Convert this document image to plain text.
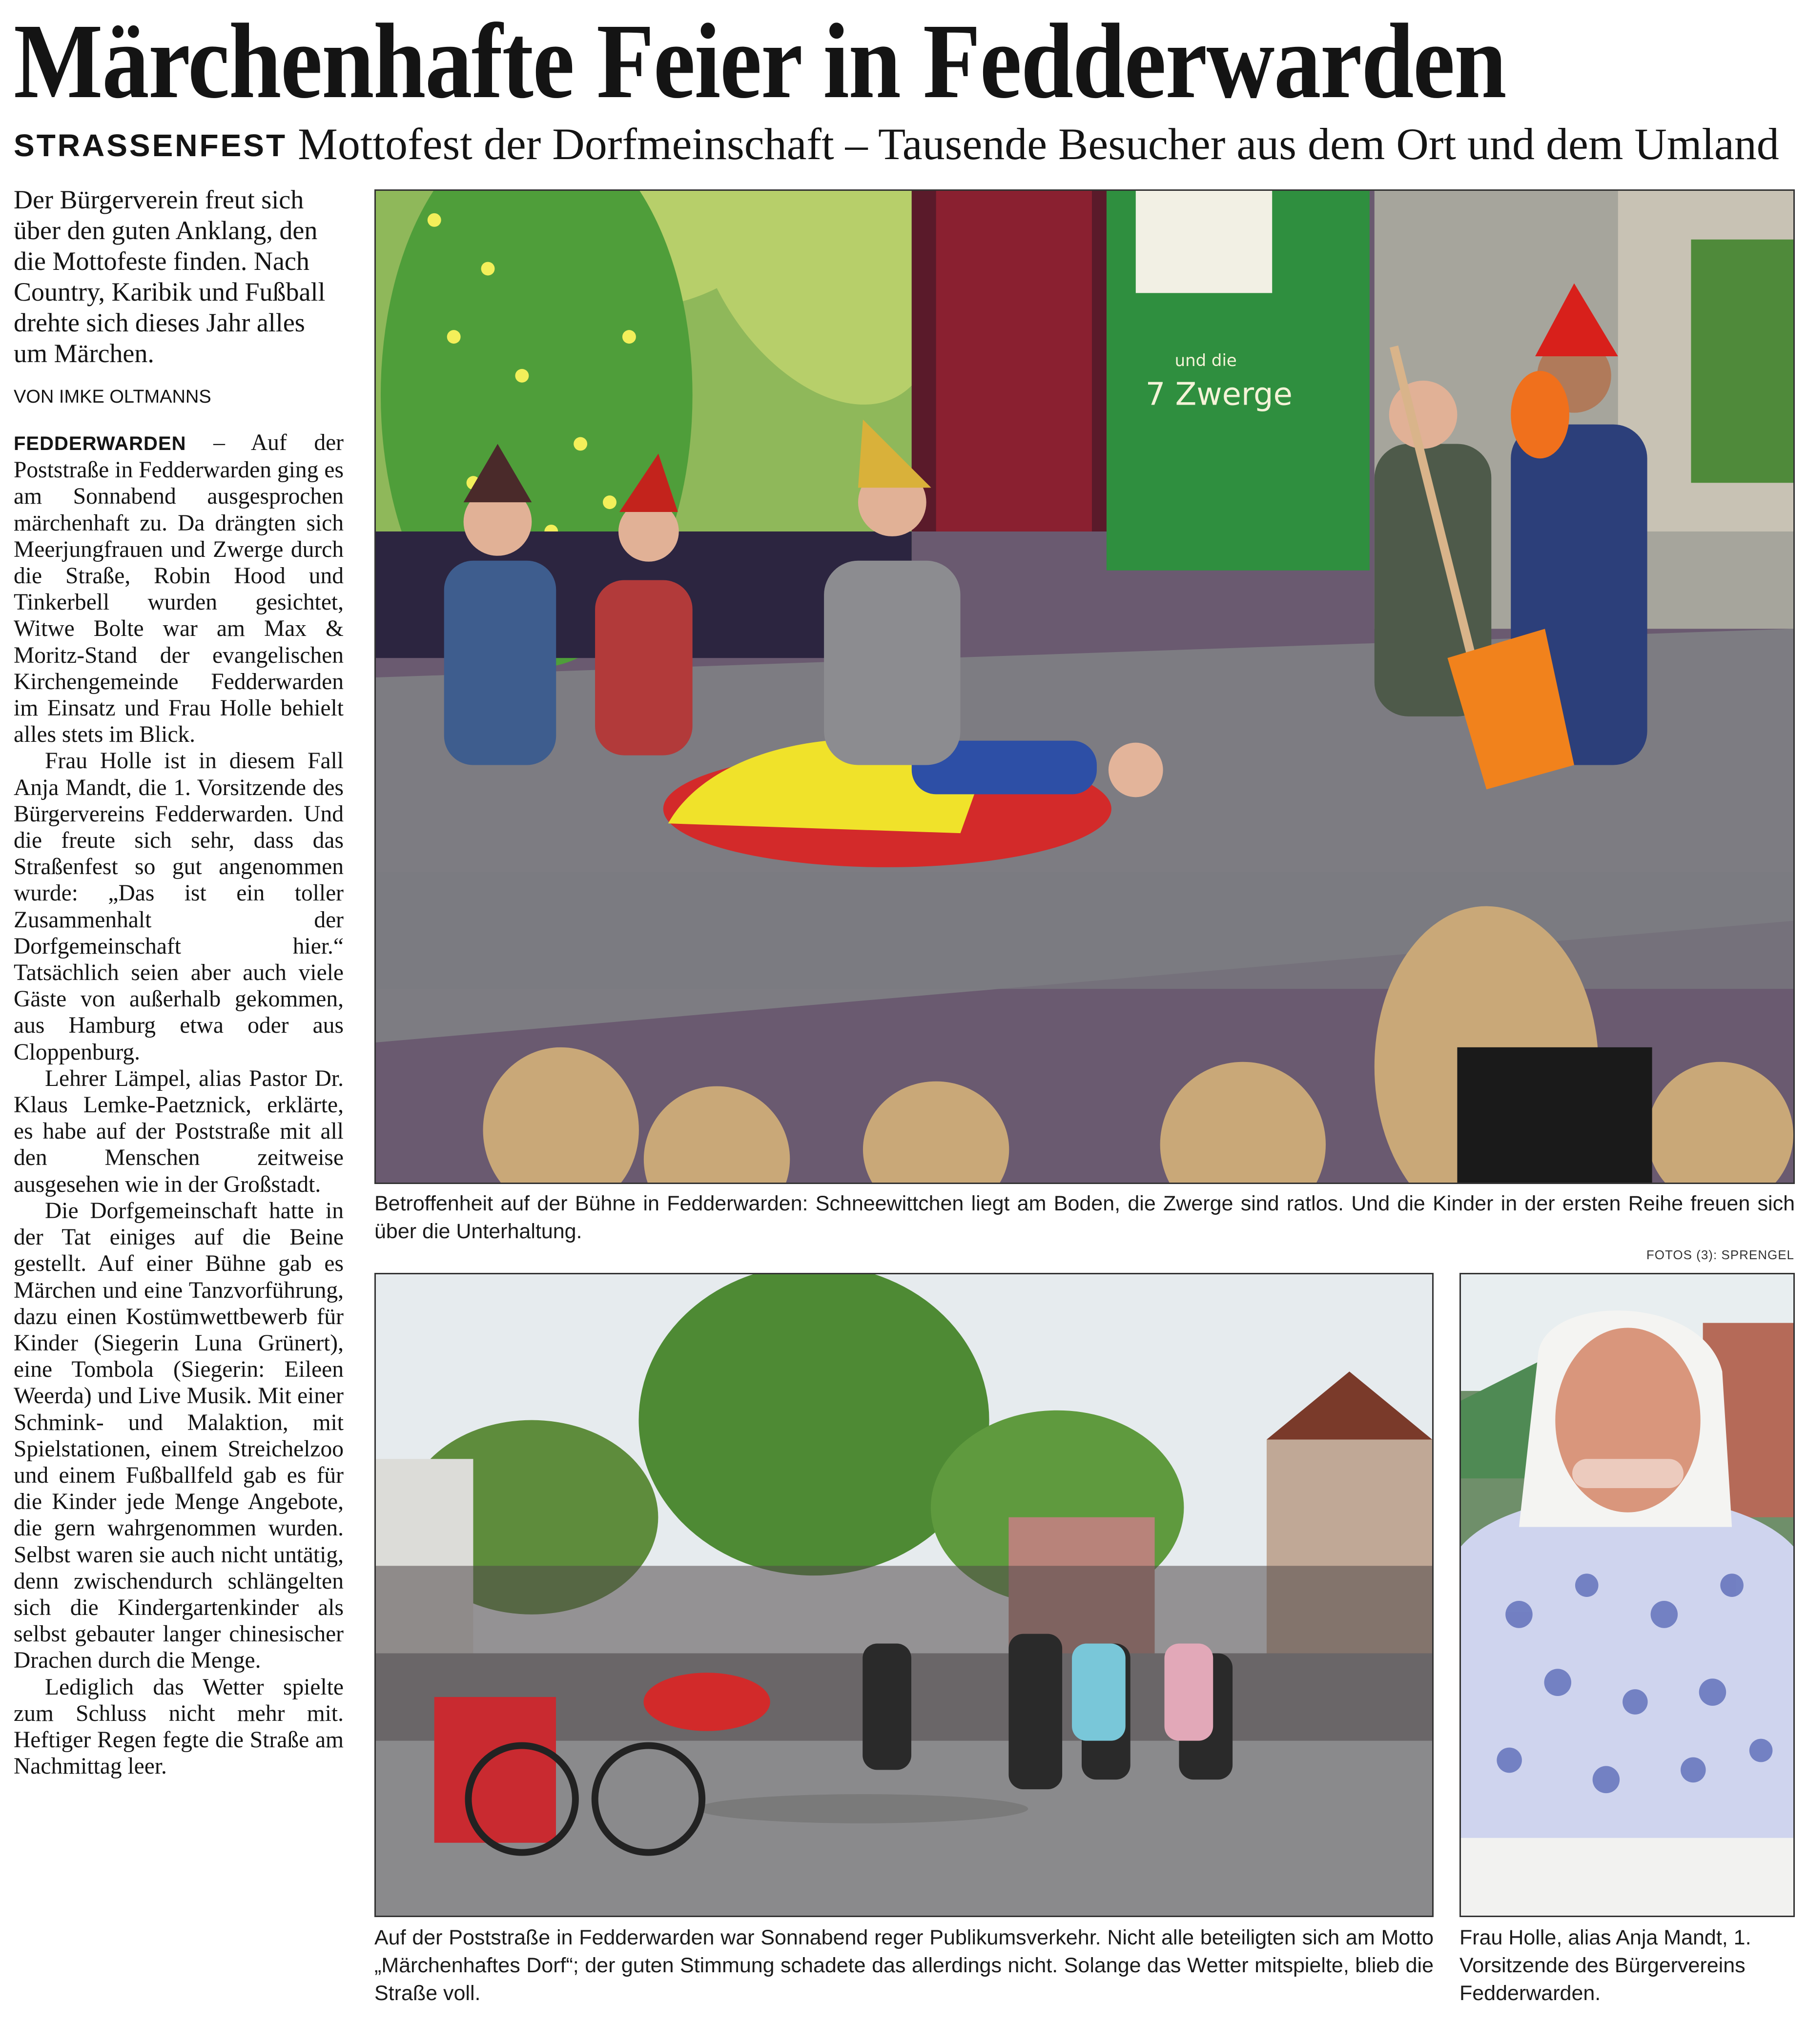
Märchenhafte Feier in Fedderwarden
STRASSENFEST Mottofest der Dorfmeinschaft – Tausende Besucher aus dem Ort und dem Umland
Der Bürgerverein freut sich über den guten Anklang, den die Mottofeste finden. Nach Country, Karibik und Fußball drehte sich dieses Jahr alles um Märchen.
VON IMKE OLTMANNS

FEDDERWARDEN – Auf der Poststraße in Fedderwarden ging es am Sonnabend ausgesprochen märchenhaft zu. Da drängten sich Meerjungfrauen und Zwerge durch die Straße, Robin Hood und Tinkerbell wurden gesichtet, Witwe Bolte war am Max & Moritz-Stand der evangelischen Kirchengemeinde Fedderwarden im Einsatz und Frau Holle behielt alles stets im Blick.

Frau Holle ist in diesem Fall Anja Mandt, die 1. Vorsitzende des Bürgervereins Fedderwarden. Und die freute sich sehr, dass das Straßenfest so gut angenommen wurde: „Das ist ein toller Zusammenhalt der Dorfgemeinschaft hier.“ Tatsächlich seien aber auch viele Gäste von außerhalb gekommen, aus Hamburg etwa oder aus Cloppenburg.

Lehrer Lämpel, alias Pastor Dr. Klaus Lemke-Paetznick, erklärte, es habe auf der Poststraße mit all den Menschen zeitweise ausgesehen wie in der Großstadt.

Die Dorfgemeinschaft hatte in der Tat einiges auf die Beine gestellt. Auf einer Bühne gab es Märchen und eine Tanzvorführung, dazu einen Kostümwettbewerb für Kinder (Siegerin Luna Grünert), eine Tombola (Siegerin: Eileen Weerda) und Live Musik. Mit einer Schmink- und Malaktion, mit Spielstationen, einem Streichelzoo und einem Fußballfeld gab es für die Kinder jede Menge Angebote, die gern wahrgenommen wurden. Selbst waren sie auch nicht untätig, denn zwischendurch schlängelten sich die Kindergartenkinder als selbst gebauter langer chinesischer Drachen durch die Menge.

Lediglich das Wetter spielte zum Schluss nicht mehr mit. Heftiger Regen fegte die Straße am Nachmittag leer.

und die
7 Zwerge
Betroffenheit auf der Bühne in Fedderwarden: Schneewittchen liegt am Boden, die Zwerge sind ratlos. Und die Kinder in der ersten Reihe freuen sich über die Unterhaltung.
FOTOS (3): SPRENGEL
Auf der Poststraße in Fedderwarden war Sonnabend reger Publikumsverkehr. Nicht alle beteiligten sich am Motto „Märchenhaftes Dorf“; der guten Stimmung schadete das allerdings nicht. Solange das Wetter mitspielte, blieb die Straße voll.
Frau Holle, alias Anja Mandt, 1. Vorsitzende des Bürgervereins Fedderwarden.
